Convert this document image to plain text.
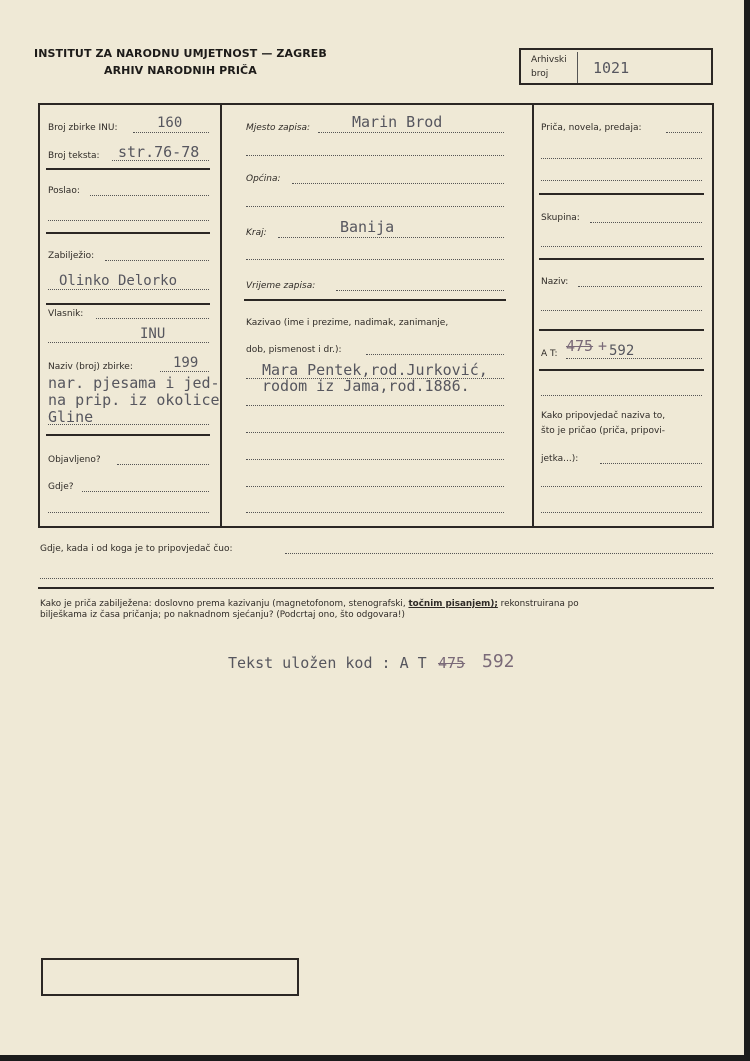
INSTITUT ZA NARODNU UMJETNOST — ZAGREB
ARHIV NARODNIH PRIČA
Arhivski
broj	1021
Broj zbirke INU:	160
Broj teksta: str.76-78
Poslao:
Zabilježio:
Olinko Delorko
Vlasnik:
INU
Naziv (broj) zbirke:	199
nar. pjesama i jed-
na prip. iz okolice
Gline
Objavljeno?
Gdje?
Mjesto zapisa:	Marin Brod
Općina:
Kraj:	Banija
Vrijeme zapisa:
Kazivao (ime i prezime, nadimak, zanimanje,
dob, pismenost i dr.):
Mara Pentek,rod.Jurković,
rodom iz Jama,rod.1886.
Priča, novela, predaja:
Skupina:
Naziv:
A T: 475 + 592
Kako pripovjedač naziva to,
što je pričao (priča, pripovi-
jetka...):
Gdje, kada i od koga je to pripovjedač čuo:
Kako je priča zabilježena: doslovno prema kazivanju (magnetofonom, stenografski, točnim pisanjem); rekonstruirana po
bilješkama iz časa pričanja; po naknadnom sjećanju? (Podcrtaj ono, što odgovara!)
Tekst uložen kod : A T 475 592
